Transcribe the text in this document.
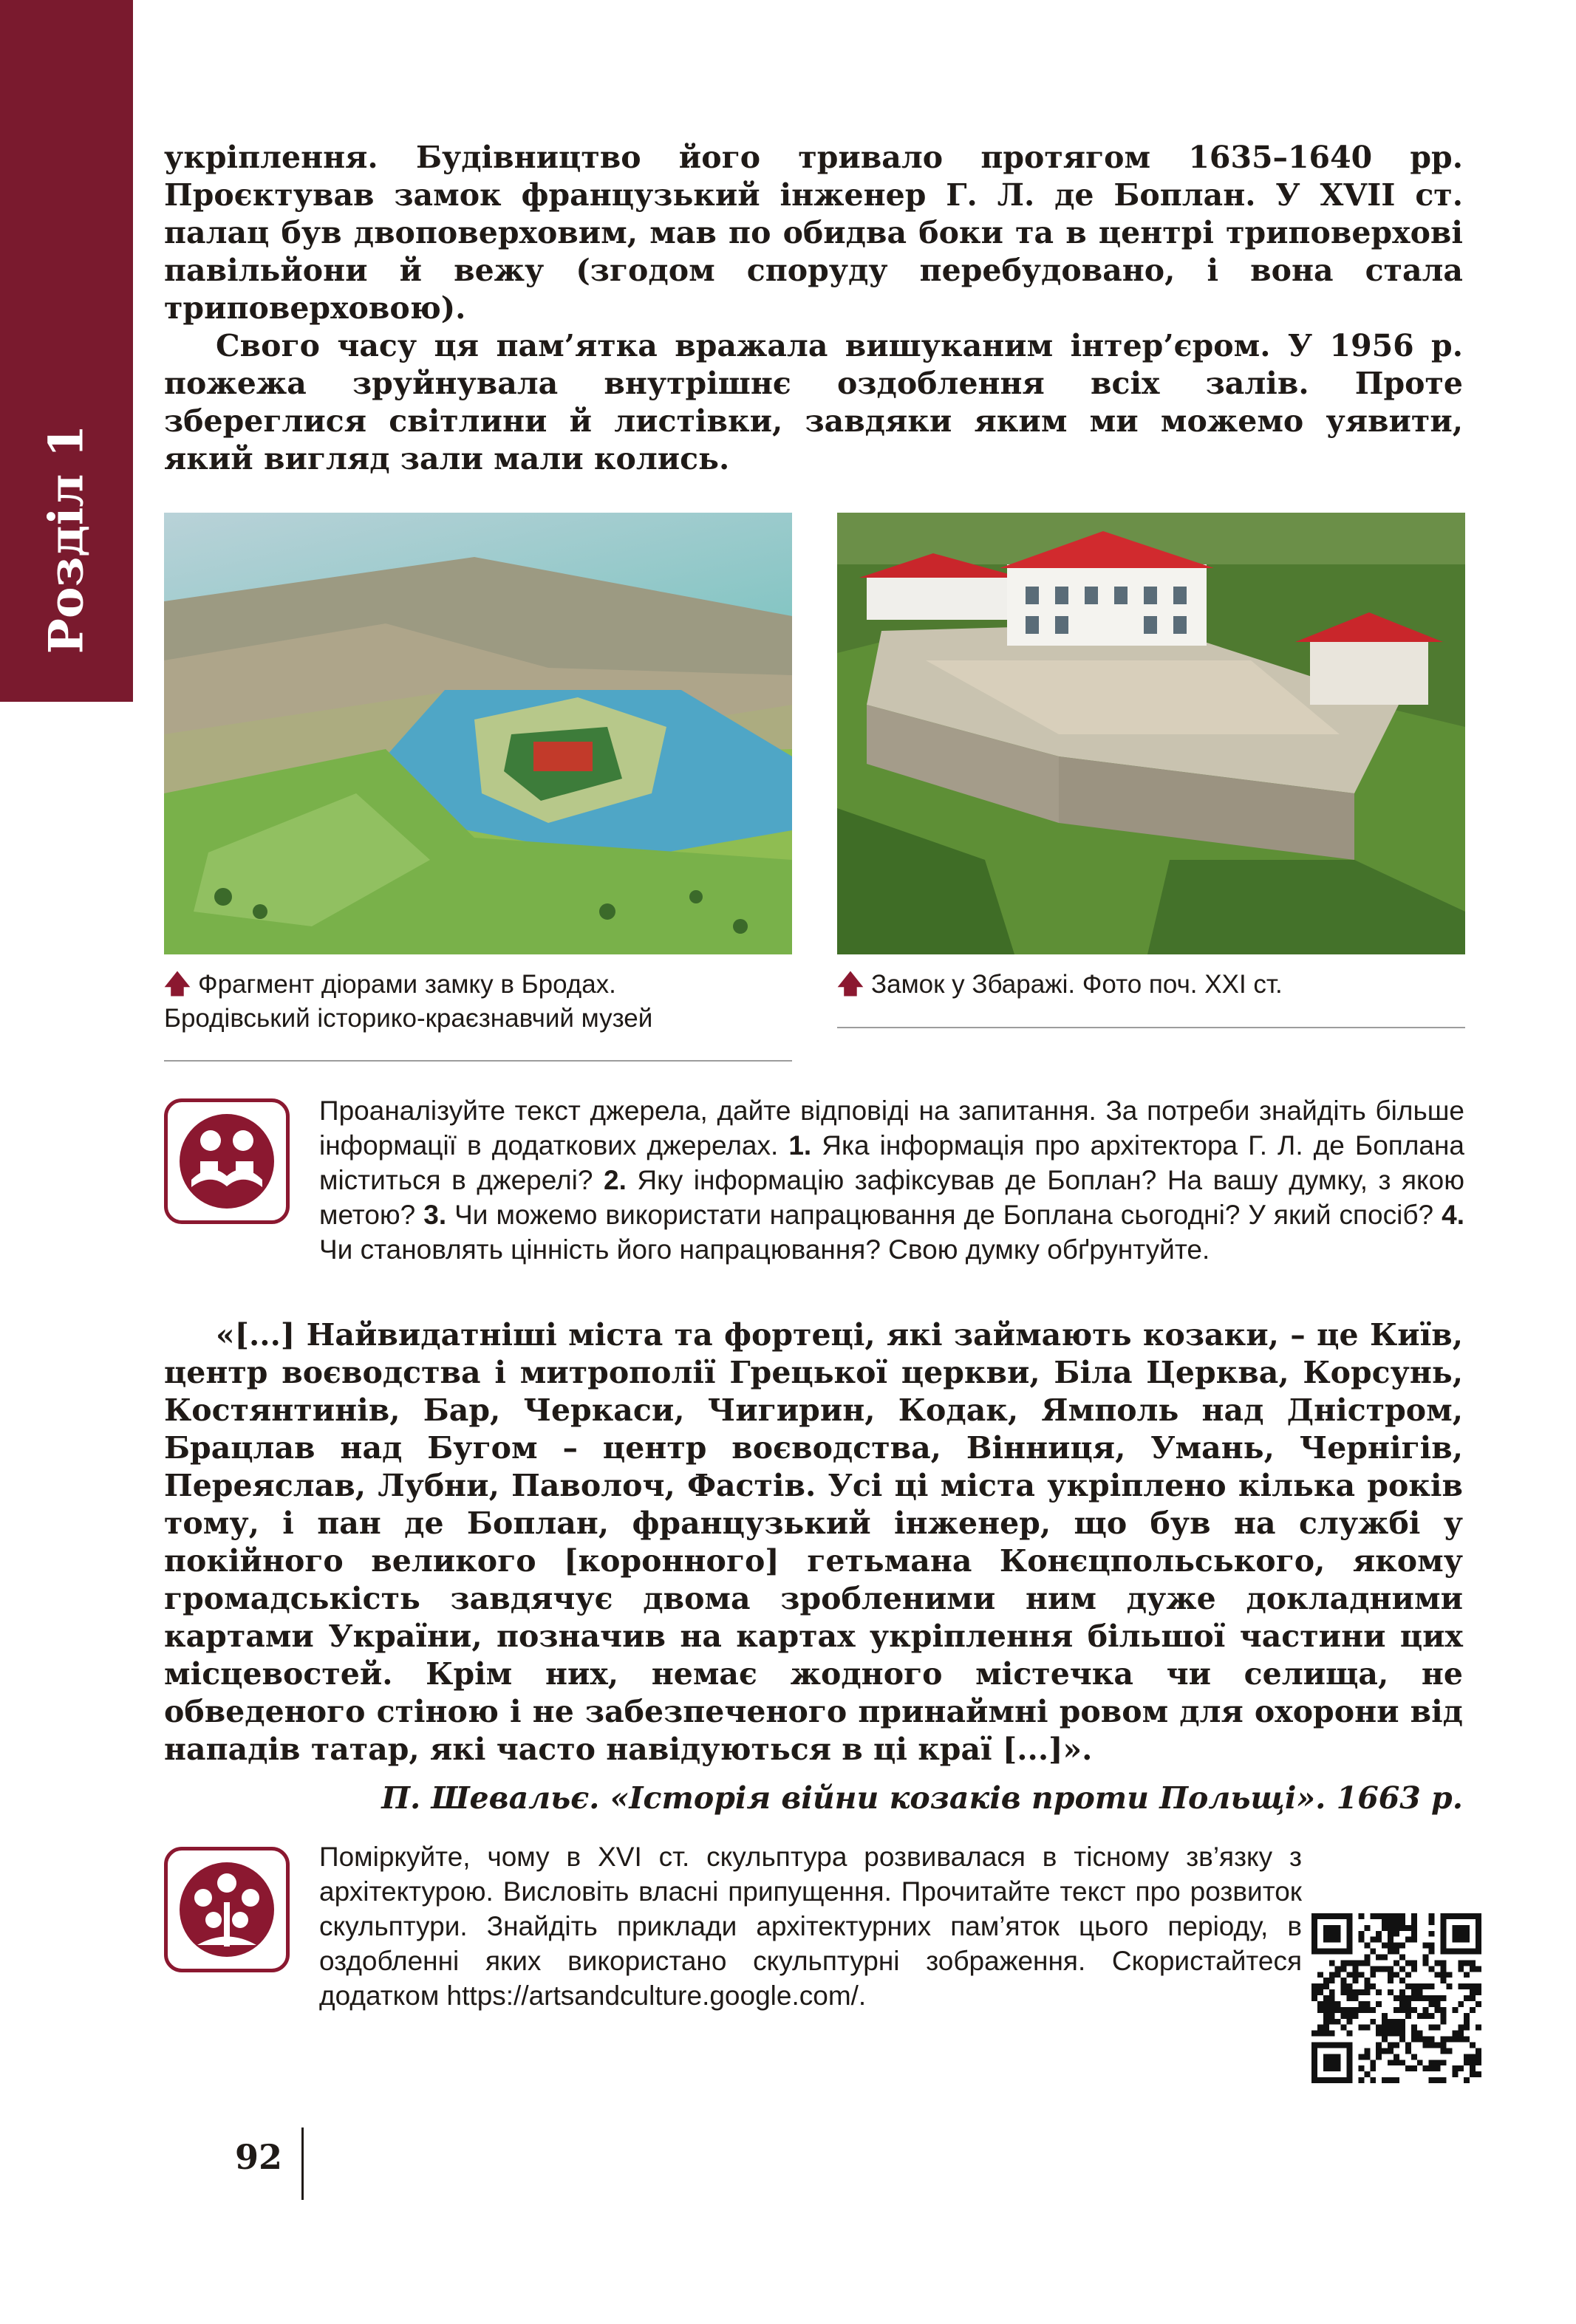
Розділ 1

укріплення. Будівництво його тривало протягом 1635–1640 рр. Проєктував замок французький інженер Г. Л. де Боплан. У XVII ст. палац був двоповерховим, мав по обидва боки та в центрі триповерхові павільйони й вежу (згодом споруду перебудовано, і вона стала триповерховою).

Свого часу ця пам’ятка вражала вишуканим інтер’єром. У 1956 р. пожежа зруйнувала внутрішнє оздоблення всіх залів. Проте збереглися світлини й листівки, завдяки яким ми можемо уявити, який вигляд зали мали колись.

🡅 Фрагмент діорами замку в Бродах.
Бродівський історико-краєзнавчий музей
🡅 Замок у Збаражі. Фото поч. XXI ст.
Проаналізуйте текст джерела, дайте відповіді на запитання. За потреби знайдіть більше інформації в додаткових джерелах. 1. Яка інформація про архітектора Г. Л. де Боплана міститься в джерелі? 2. Яку інформацію зафіксував де Боплан? На вашу думку, з якою метою? 3. Чи можемо використати напрацювання де Боплана сьогодні? У який спосіб? 4. Чи становлять цінність його напрацювання? Свою думку обґрунтуйте.

«[...] Найвидатніші міста та фортеці, які займають козаки, – це Київ, центр воєводства і митрополії Грецької церкви, Біла Церква, Корсунь, Костянтинів, Бар, Черкаси, Чигирин, Кодак, Ямполь над Дністром, Брацлав над Бугом – центр воєводства, Вінниця, Умань, Чернігів, Переяслав, Лубни, Паволоч, Фастів. Усі ці міста укріплено кілька років тому, і пан де Боплан, французький інженер, що був на службі у покійного великого [коронного] гетьмана Конєцпольського, якому громадськість завдячує двома зробленими ним дуже докладними картами України, позначив на картах укріплення більшої частини цих місцевостей. Крім них, немає жодного містечка чи селища, не обведеного стіною і не забезпеченого принаймні ровом для охорони від нападів татар, які часто навідуються в ці краї [...]».

П. Шевальє. «Історія війни козаків проти Польщі». 1663 р.
Поміркуйте, чому в XVI ст. скульптура розвивалася в тісному зв’язку з архітектурою. Висловіть власні припущення. Прочитайте текст про розвиток скульптури. Знайдіть приклади архітектурних пам’яток цього періоду, в оздобленні яких використано скульптурні зображення. Скористайтеся додатком https://artsandculture.google.com/.
92
